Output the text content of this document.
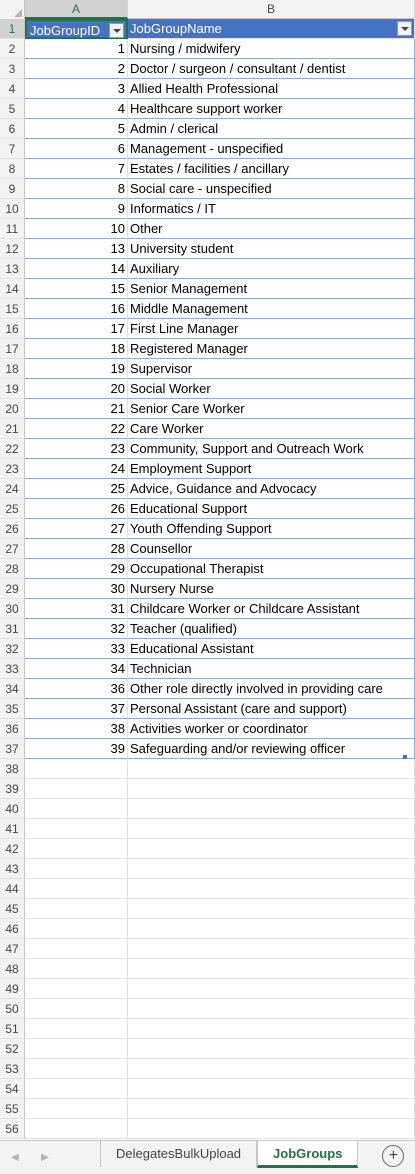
A	B
1	JobGroupID	JobGroupName
2	1 Nursing / midwifery
3	2 Doctor / surgeon / consultant / dentist
4	3 Allied Health Professional
5	4 Healthcare support worker
6	5 Admin / clerical
7	6 Management - unspecified
8	7 Estates / facilities / ancillary
9	8 Social care - unspecified
10	9 Informatics / IT
11	10 Other
12	13 University student
13	14 Auxiliary
14	15 Senior Management
15	16 Middle Management
16	17 First Line Manager
17	18 Registered Manager
18	19 Supervisor
19	20 Social Worker
20	21 Senior Care Worker
21	22 Care Worker
22	23 Community, Support and Outreach Work
23	24 Employment Support
24	25 Advice, Guidance and Advocacy
25	26 Educational Support
26	27 Youth Offending Support
27	28 Counsellor
28	29 Occupational Therapist
29	30 Nursery Nurse
30	31 Childcare Worker or Childcare Assistant
31	32 Teacher (qualified)
32	33 Educational Assistant
33	34 Technician
34	36 Other role directly involved in providing care
35	37 Personal Assistant (care and support)
36	38 Activities worker or coordinator
37	39 Safeguarding and/or reviewing officer
38
39
40
41
42
43
44
45
46
47
48
49
50
51
52
53
54
55
56
◀	▶	DelegatesBulkUpload	JobGroups	+
